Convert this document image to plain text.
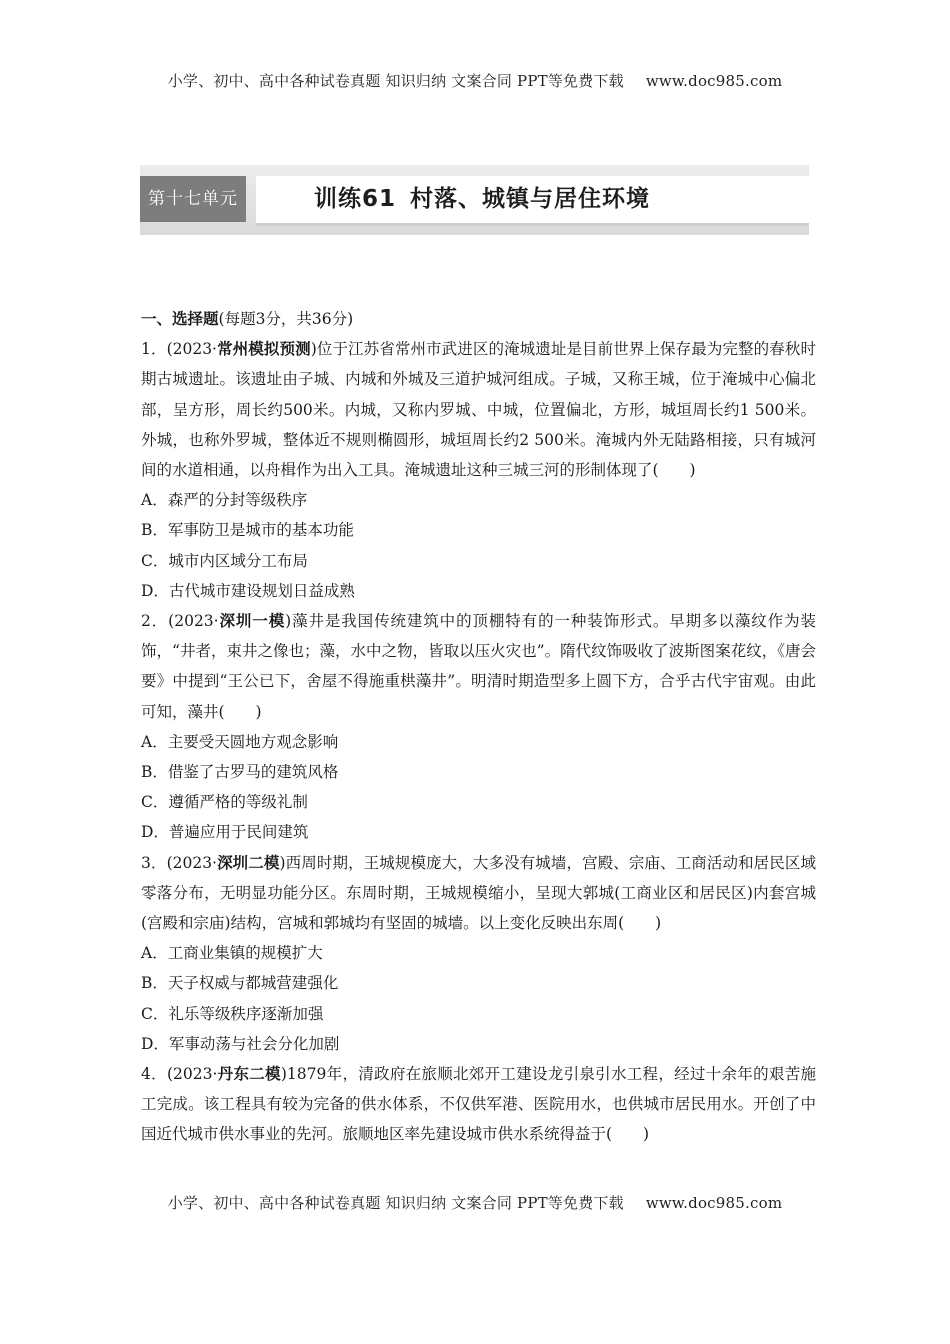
小学、初中、高中各种试卷真题 知识归纳 文案合同 PPT等免费下载 www.doc985.com
第十七单元	训练61 村落、城镇与居住环境
一、选择题(每题3分，共36分)
1．(2023·常州模拟预测)位于江苏省常州市武进区的淹城遗址是目前世界上保存最为完整的春秋时期古城遗址。该遗址由子城、内城和外城及三道护城河组成。子城，又称王城，位于淹城中心偏北部，呈方形，周长约500米。内城，又称内罗城、中城，位置偏北，方形，城垣周长约1 500米。外城，也称外罗城，整体近不规则椭圆形，城垣周长约2 500米。淹城内外无陆路相接，只有城河间的水道相通，以舟楫作为出入工具。淹城遗址这种三城三河的形制体现了(　　)
A．森严的分封等级秩序
B．军事防卫是城市的基本功能
C．城市内区域分工布局
D．古代城市建设规划日益成熟
2．(2023·深圳一模)藻井是我国传统建筑中的顶棚特有的一种装饰形式。早期多以藻纹作为装饰，“井者，束井之像也；藻，水中之物，皆取以压火灾也”。隋代纹饰吸收了波斯图案花纹，《唐会要》中提到“王公已下，舍屋不得施重栱藻井”。明清时期造型多上圆下方，合乎古代宇宙观。由此可知，藻井(　　)
A．主要受天圆地方观念影响
B．借鉴了古罗马的建筑风格
C．遵循严格的等级礼制
D．普遍应用于民间建筑
3．(2023·深圳二模)西周时期，王城规模庞大，大多没有城墙，宫殿、宗庙、工商活动和居民区域零落分布，无明显功能分区。东周时期，王城规模缩小，呈现大郭城(工商业区和居民区)内套宫城(宫殿和宗庙)结构，宫城和郭城均有坚固的城墙。以上变化反映出东周(　　)
A．工商业集镇的规模扩大
B．天子权威与都城营建强化
C．礼乐等级秩序逐渐加强
D．军事动荡与社会分化加剧
4．(2023·丹东二模)1879年，清政府在旅顺北郊开工建设龙引泉引水工程，经过十余年的艰苦施工完成。该工程具有较为完备的供水体系，不仅供军港、医院用水，也供城市居民用水。开创了中国近代城市供水事业的先河。旅顺地区率先建设城市供水系统得益于(　　)
小学、初中、高中各种试卷真题 知识归纳 文案合同 PPT等免费下载 www.doc985.com
